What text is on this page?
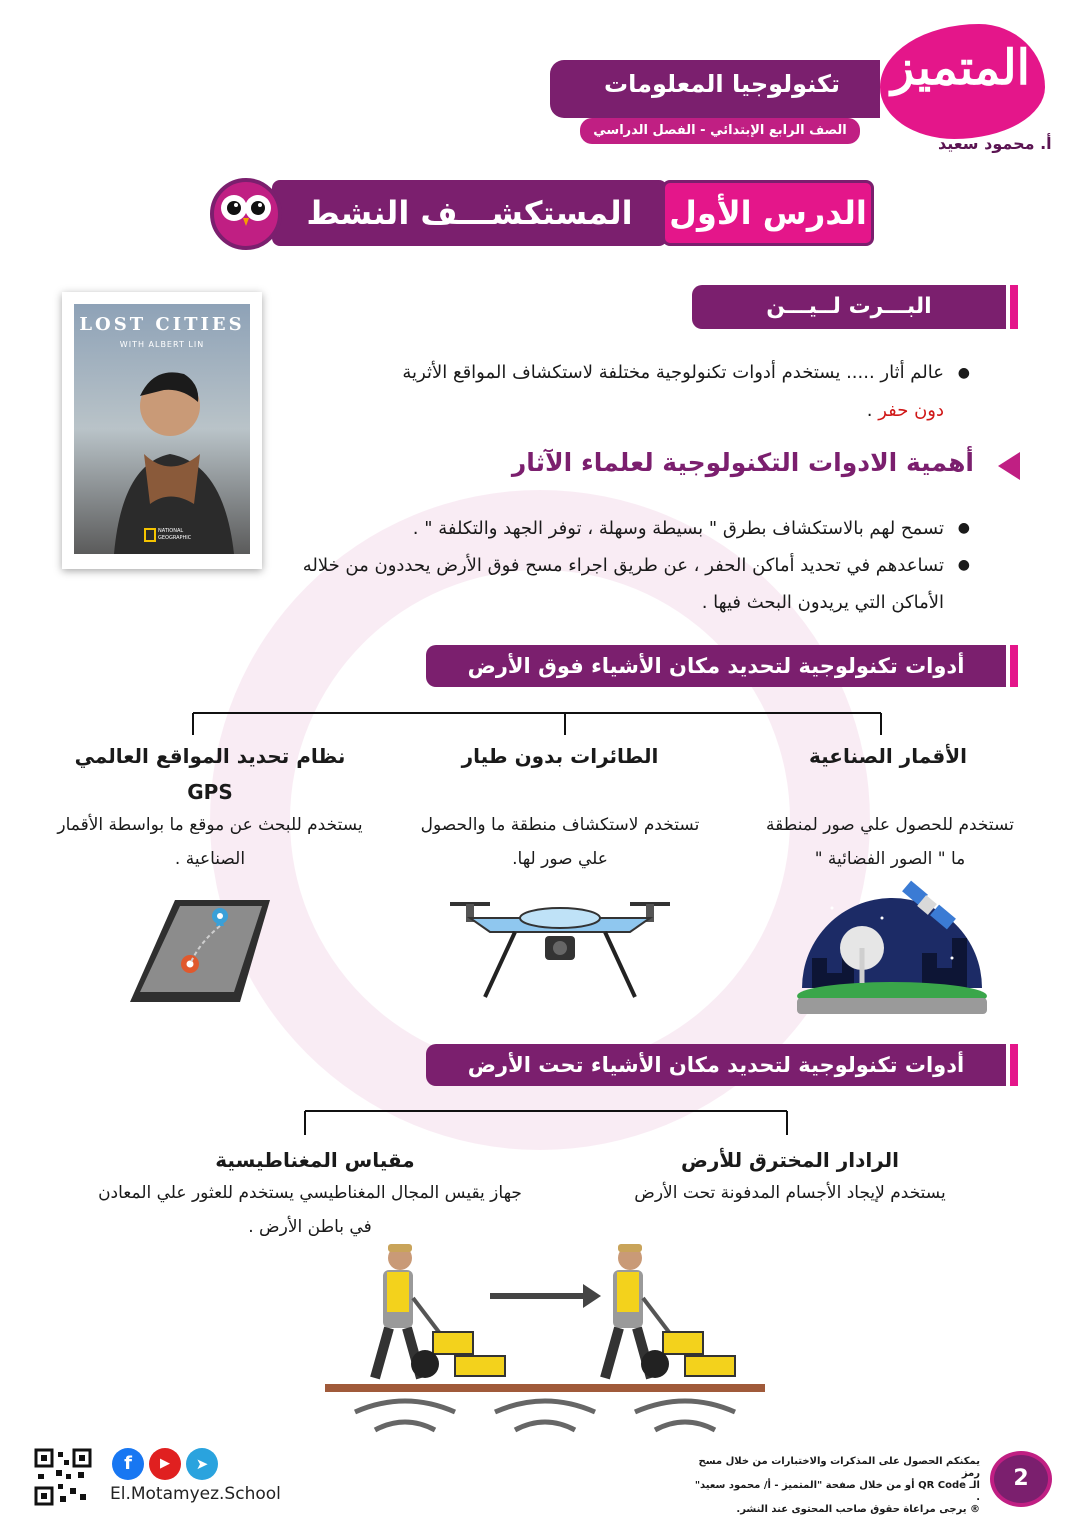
تكنولوجيا المعلومات
الصف الرابع الإبتدائي - الفصل الدراسي الأول
المتميز
أ. محمود سعيد
المستكشـــف النشط	الدرس الأول
البـــرت لــيـــن
● عالم أثار ..... يستخدم أدوات تكنولوجية مختلفة لاستكشاف المواقع الأثرية
دون حفر .
LOST CITIES
WITH ALBERT LIN
NATIONAL GEOGRAPHIC
أهمية الادوات التكنولوجية لعلماء الآثار
● تسمح لهم بالاستكشاف بطرق " بسيطة وسهلة ، توفر الجهد والتكلفة " .
● تساعدهم في تحديد أماكن الحفر ، عن طريق اجراء مسح فوق الأرض يحددون من خلاله الأماكن التي يريدون البحث فيها .
أدوات تكنولوجية لتحديد مكان الأشياء فوق الأرض
الأقمار الصناعية
تستخدم للحصول علي صور لمنطقة ما " الصور الفضائية "
الطائرات بدون طيار
تستخدم لاستكشاف منطقة ما والحصول علي صور لها.
نظام تحديد المواقع العالمي
GPS
يستخدم للبحث عن موقع ما بواسطة الأقمار الصناعية .
أدوات تكنولوجية لتحديد مكان الأشياء تحت الأرض
الرادار المخترق للأرض
يستخدم لإيجاد الأجسام المدفونة تحت الأرض
مقياس المغناطيسية
جهاز يقيس المجال المغناطيسي يستخدم للعثور علي المعادن في باطن الأرض .
2
يمكنكم الحصول على المذكرات والاختبارات من خلال مسح رمز
الـ QR Code أو من خلال صفحة "المتميز - أ/ محمود سعيد" .
® يرجى مراعاة حقوق صاحب المحتوى عند النشر.
f	▶	➤
El.Motamyez.School
